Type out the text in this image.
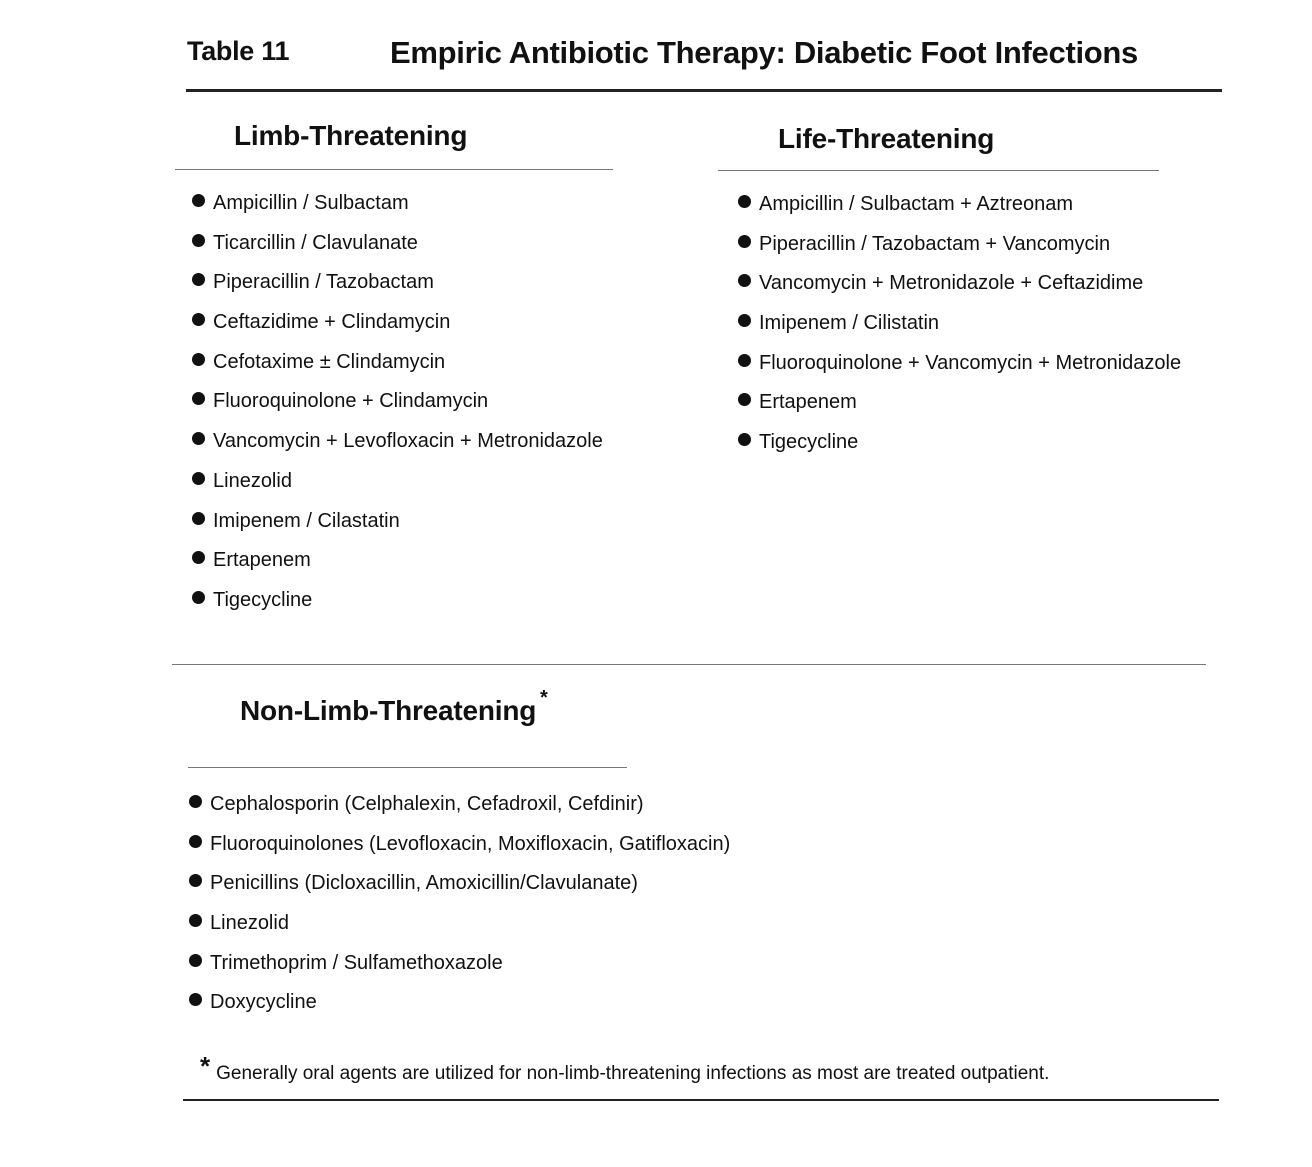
Table 11	Empiric Antibiotic Therapy: Diabetic Foot Infections
Limb-Threatening
Ampicillin / Sulbactam
Ticarcillin / Clavulanate
Piperacillin / Tazobactam
Ceftazidime + Clindamycin
Cefotaxime ± Clindamycin
Fluoroquinolone + Clindamycin
Vancomycin + Levofloxacin + Metronidazole
Linezolid
Imipenem / Cilastatin
Ertapenem
Tigecycline
Life-Threatening
Ampicillin / Sulbactam + Aztreonam
Piperacillin / Tazobactam + Vancomycin
Vancomycin + Metronidazole + Ceftazidime
Imipenem / Cilistatin
Fluoroquinolone + Vancomycin + Metronidazole
Ertapenem
Tigecycline
Non-Limb-Threatening *
Cephalosporin (Celphalexin, Cefadroxil, Cefdinir)
Fluoroquinolones (Levofloxacin, Moxifloxacin, Gatifloxacin)
Penicillins (Dicloxacillin, Amoxicillin/Clavulanate)
Linezolid
Trimethoprim / Sulfamethoxazole
Doxycycline
* Generally oral agents are utilized for non-limb-threatening infections as most are treated outpatient.
